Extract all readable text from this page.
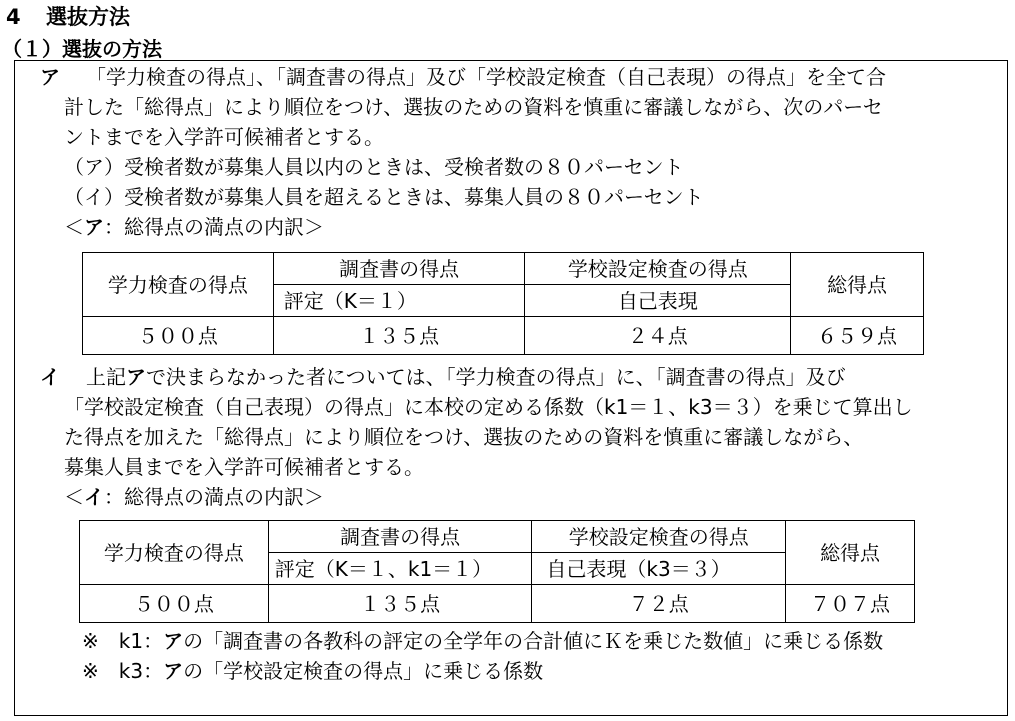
4 選抜方法
（１）選抜の方法
ア 「学力検査の得点」、「調査書の得点」及び「学校設定検査（自己表現）の得点」を全て合
計した「総得点」により順位をつけ、選抜のための資料を慎重に審議しながら、次のパーセ
ントまでを入学許可候補者とする。
（ア）受検者数が募集人員以内のときは、受検者数の８０パーセント
（イ）受検者数が募集人員を超えるときは、募集人員の８０パーセント
＜ア：総得点の満点の内訳＞
学力検査の得点	調査書の得点	学校設定検査の得点	総得点
	評定（K＝１）	自己表現	
５００点	１３５点	２４点	６５９点
イ 上記アで決まらなかった者については、「学力検査の得点」に、「調査書の得点」及び
「学校設定検査（自己表現）の得点」に本校の定める係数（k1＝１、k3＝３）を乗じて算出し
た得点を加えた「総得点」により順位をつけ、選抜のための資料を慎重に審議しながら、
募集人員までを入学許可候補者とする。
＜イ：総得点の満点の内訳＞
学力検査の得点	調査書の得点	学校設定検査の得点	総得点
	評定（K＝１、k1＝１）	自己表現（k3＝３）	
５００点	１３５点	７２点	７０７点
※　k1：アの「調査書の各教科の評定の全学年の合計値にＫを乗じた数値」に乗じる係数
※　k3：アの「学校設定検査の得点」に乗じる係数
